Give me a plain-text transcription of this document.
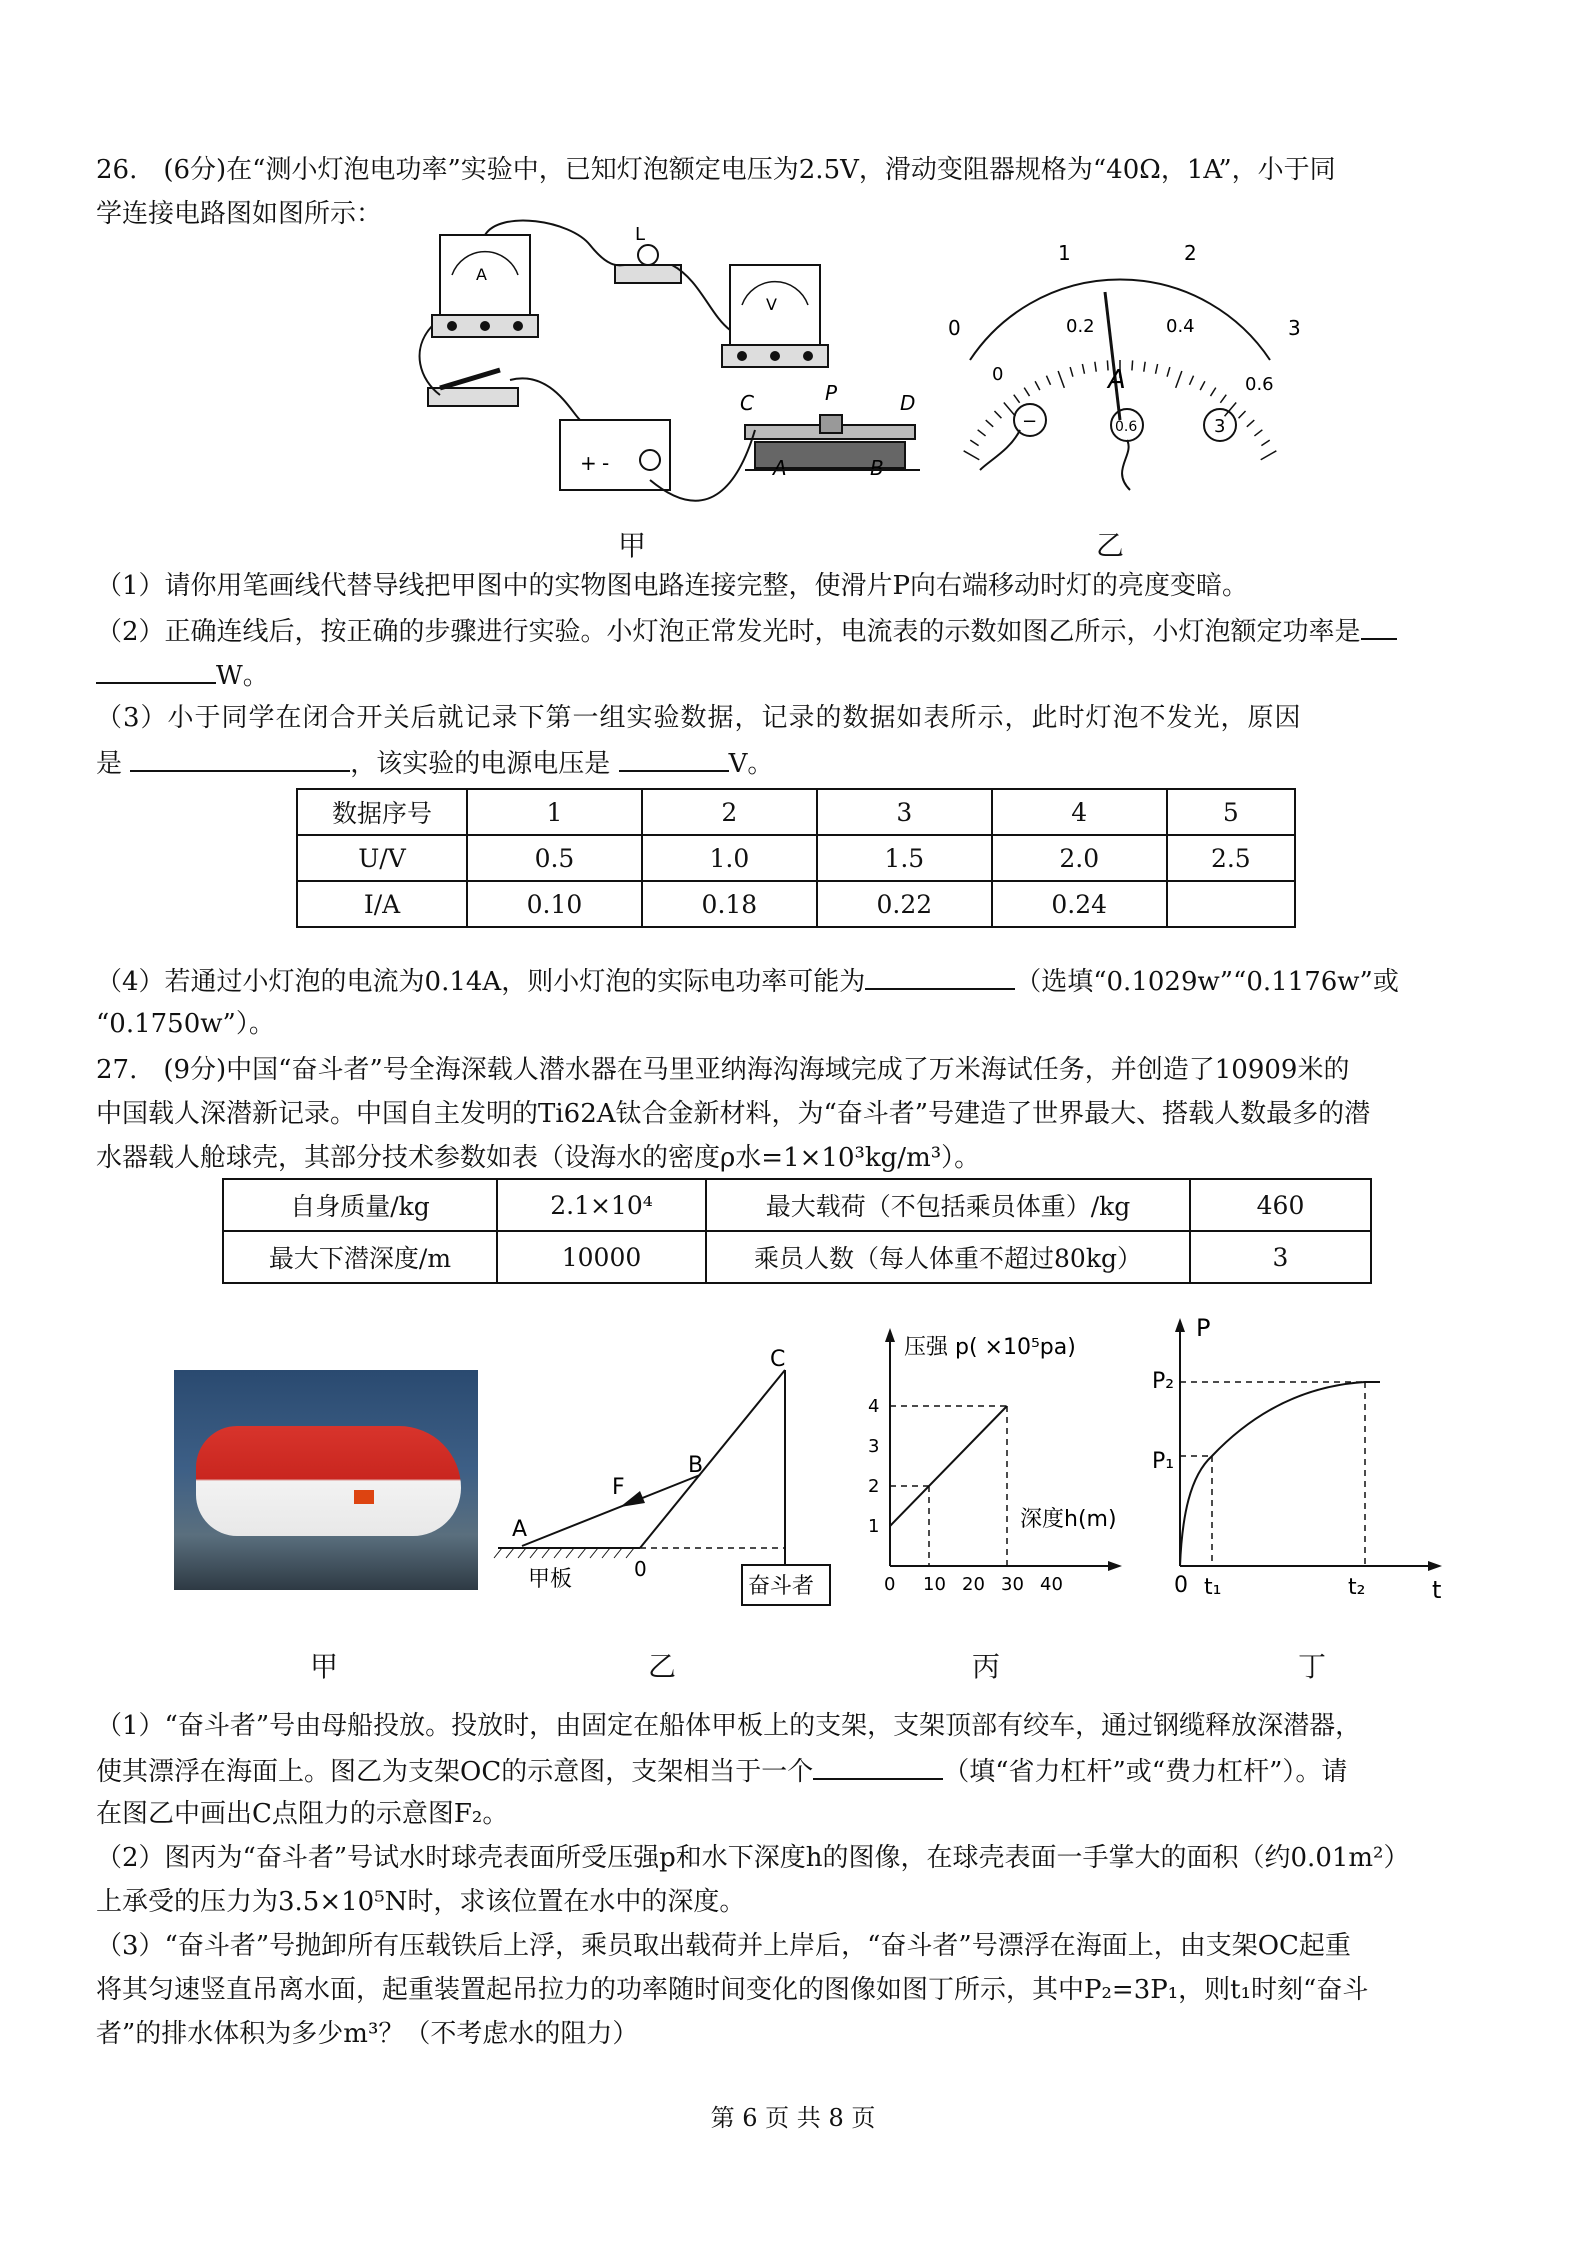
26.　(6分)在“测小灯泡电功率”实验中，已知灯泡额定电压为2.5V，滑动变阻器规格为“40Ω，1A”，小于同
学连接电路图如图所示：
A
+ -
L
V
C	P	D
A	B
0
1	2
3
0
0.2	0.4
0.6
A
−	0.6	3
甲	乙
（1）请你用笔画线代替导线把甲图中的实物图电路连接完整，使滑片P向右端移动时灯的亮度变暗。
（2）正确连线后，按正确的步骤进行实验。小灯泡正常发光时，电流表的示数如图乙所示，小灯泡额定功率是
W。
（3）小于同学在闭合开关后就记录下第一组实验数据，记录的数据如表所示，此时灯泡不发光，原因
是	，该实验的电源电压是	V。
数据序号	1	2	3	4	5
U/V	0.5	1.0	1.5	2.0	2.5
I/A	0.10	0.18	0.22	0.24	
（4）若通过小灯泡的电流为0.14A，则小灯泡的实际电功率可能为	（选填“0.1029w”“0.1176w”或
“0.1750w”）。
27.　(9分)中国“奋斗者”号全海深载人潜水器在马里亚纳海沟海域完成了万米海试任务，并创造了10909米的
中国载人深潜新记录。中国自主发明的Ti62A钛合金新材料，为“奋斗者”号建造了世界最大、搭载人数最多的潜
水器载人舱球壳，其部分技术参数如表（设海水的密度ρ水=1×10³kg/m³）。
自身质量/kg	2.1×10⁴	最大载荷（不包括乘员体重）/kg	460
最大下潜深度/m	10000	乘员人数（每人体重不超过80kg）	3
A
B
C
F
0
甲板	奋斗者
压强 p( ×10⁵pa)
深度h(m)
0 10 20 30 40
1
2
3
4
P
t
P₂
P₁
0 t₁	t₂
甲	乙	丙	丁
（1）“奋斗者”号由母船投放。投放时，由固定在船体甲板上的支架，支架顶部有绞车，通过钢缆释放深潜器，
使其漂浮在海面上。图乙为支架OC的示意图，支架相当于一个	（填“省力杠杆”或“费力杠杆”）。请
在图乙中画出C点阻力的示意图F₂。
（2）图丙为“奋斗者”号试水时球壳表面所受压强p和水下深度h的图像，在球壳表面一手掌大的面积（约0.01m²）
上承受的压力为3.5×10⁵N时，求该位置在水中的深度。
（3）“奋斗者”号抛卸所有压载铁后上浮，乘员取出载荷并上岸后，“奋斗者”号漂浮在海面上，由支架OC起重
将其匀速竖直吊离水面，起重装置起吊拉力的功率随时间变化的图像如图丁所示，其中P₂=3P₁，则t₁时刻“奋斗
者”的排水体积为多少m³？（不考虑水的阻力）
第 6 页 共 8 页
